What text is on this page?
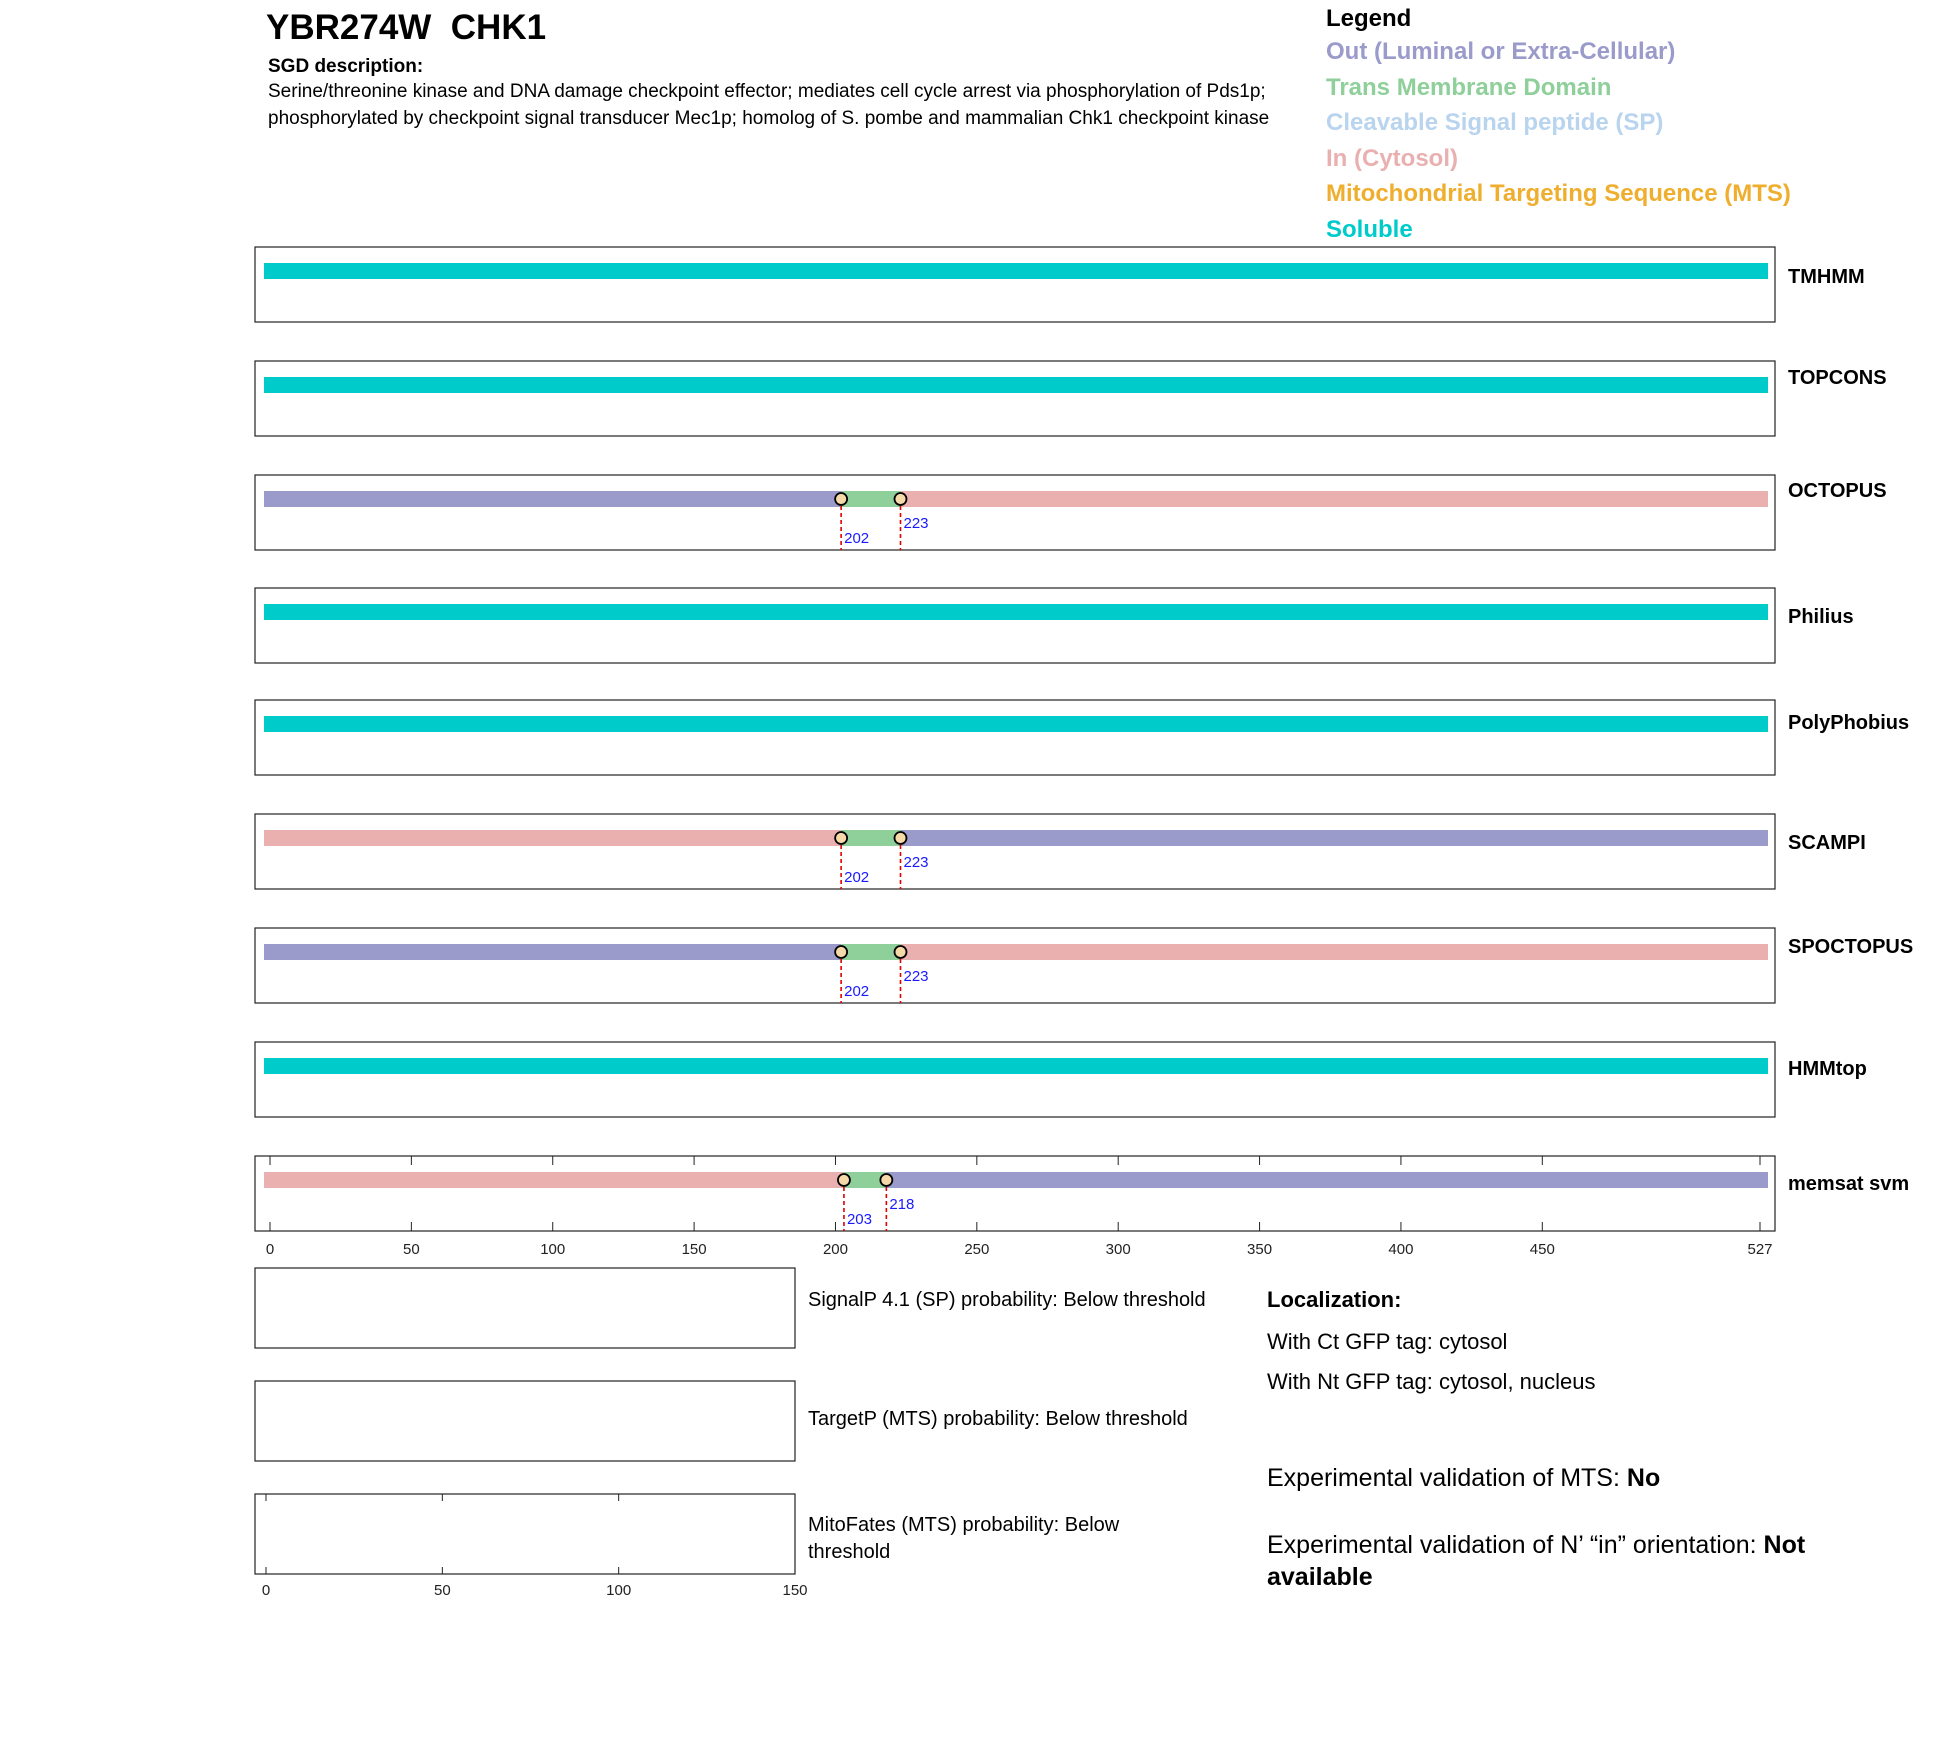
YBR274W  CHK1
SGD description:
Serine/threonine kinase and DNA damage checkpoint effector; mediates cell cycle arrest via phosphorylation of Pds1p; phosphorylated by checkpoint signal transducer Mec1p; homolog of S. pombe and mammalian Chk1 checkpoint kinase
Legend
Out (Luminal or Extra-Cellular)
Trans Membrane Domain
Cleavable Signal peptide (SP)
In (Cytosol)
Mitochondrial Targeting Sequence (MTS)
Soluble
TMHMM
TOPCONS
202
223
OCTOPUS
Philius
PolyPhobius
202
223
SCAMPI
202
223
SPOCTOPUS
HMMtop
203
218
memsat svm
0	50	100	150	200	250	300	350	400	450	527
0	50	100	150
SignalP 4.1 (SP) probability: Below threshold
TargetP (MTS) probability: Below threshold
MitoFates (MTS) probability: Below threshold
Localization:
With Ct GFP tag: cytosol
With Nt GFP tag: cytosol, nucleus
Experimental validation of MTS: No
Experimental validation of N’ “in” orientation: Not available
